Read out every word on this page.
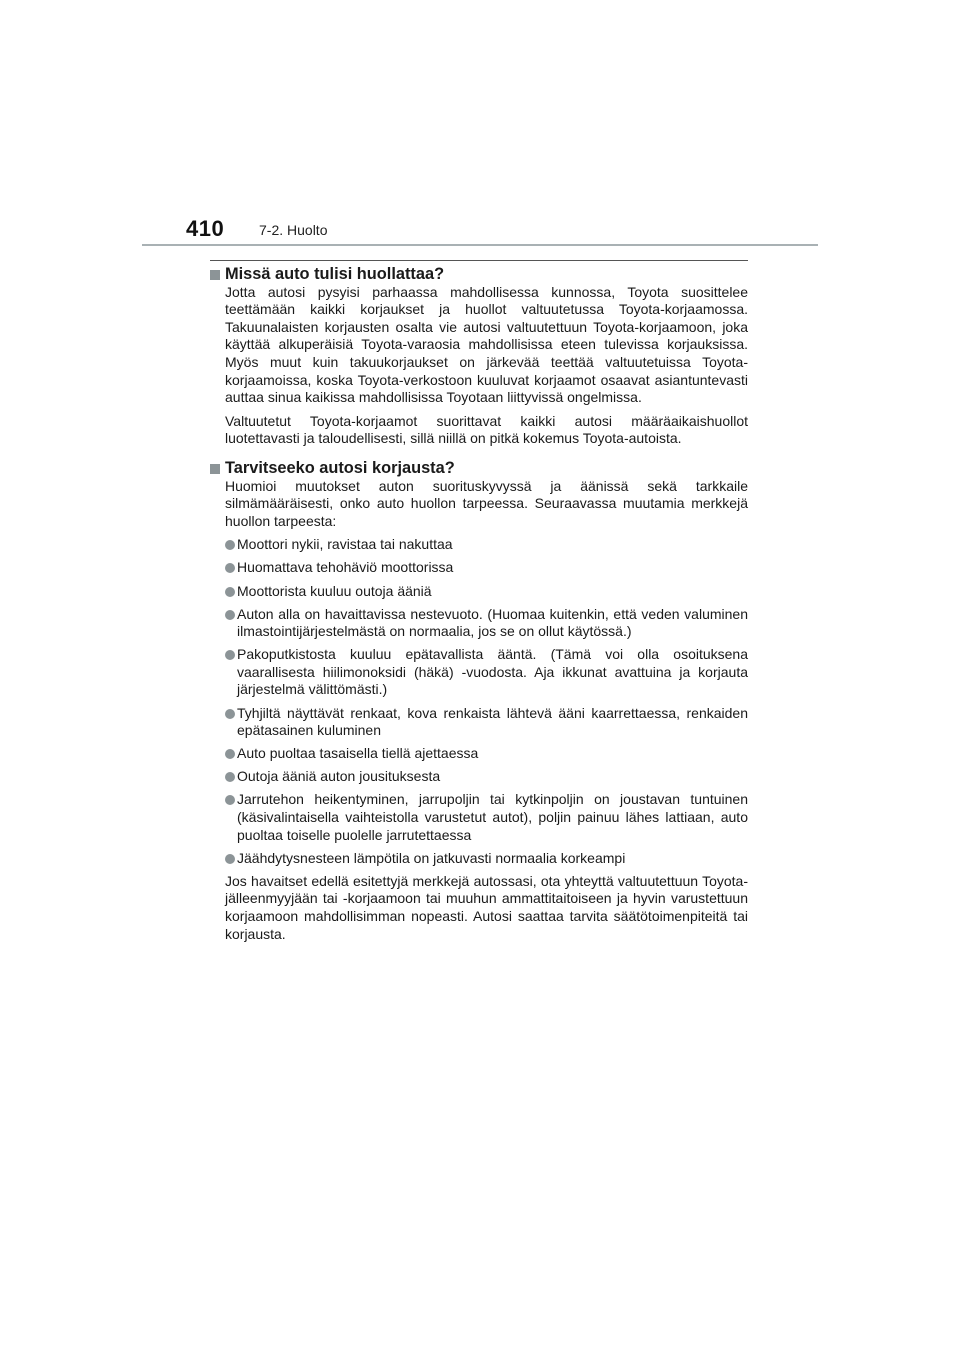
410 7-2. Huolto
Missä auto tulisi huollattaa?

Jotta autosi pysyisi parhaassa mahdollisessa kunnossa, Toyota suosittelee teettämään kaikki korjaukset ja huollot valtuutetussa Toyota-korjaamossa. Takuunalaisten korjausten osalta vie autosi valtuutettuun Toyota-korjaamoon, joka käyttää alkuperäisiä Toyota-varaosia mahdollisissa eteen tulevissa korjauksissa. Myös muut kuin takuukorjaukset on järkevää teettää valtuutetuissa Toyota-korjaamoissa, koska Toyota-verkostoon kuuluvat korjaamot osaavat asiantuntevasti auttaa sinua kaikissa mahdollisissa Toyotaan liittyvissä ongelmissa.

Valtuutetut Toyota-korjaamot suorittavat kaikki autosi määräaikaishuollot luotettavasti ja taloudellisesti, sillä niillä on pitkä kokemus Toyota-autoista.

Tarvitseeko autosi korjausta?

Huomioi muutokset auton suorituskyvyssä ja äänissä sekä tarkkaile silmämääräisesti, onko auto huollon tarpeessa. Seuraavassa muutamia merkkejä huollon tarpeesta:

Moottori nykii, ravistaa tai nakuttaa
Huomattava tehohäviö moottorissa
Moottorista kuuluu outoja ääniä
Auton alla on havaittavissa nestevuoto. (Huomaa kuitenkin, että veden valuminen ilmastointijärjestelmästä on normaalia, jos se on ollut käytössä.)
Pakoputkistosta kuuluu epätavallista ääntä. (Tämä voi olla osoituksena vaarallisesta hiilimonoksidi (häkä) -vuodosta. Aja ikkunat avattuina ja korjauta järjestelmä välittömästi.)
Tyhjiltä näyttävät renkaat, kova renkaista lähtevä ääni kaarrettaessa, renkaiden epätasainen kuluminen
Auto puoltaa tasaisella tiellä ajettaessa
Outoja ääniä auton jousituksesta
Jarrutehon heikentyminen, jarrupoljin tai kytkinpoljin on joustavan tuntuinen (käsivalintaisella vaihteistolla varustetut autot), poljin painuu lähes lattiaan, auto puoltaa toiselle puolelle jarrutettaessa
Jäähdytysnesteen lämpötila on jatkuvasti normaalia korkeampi

Jos havaitset edellä esitettyjä merkkejä autossasi, ota yhteyttä valtuutettuun Toyota-jälleenmyyjään tai -korjaamoon tai muuhun ammattitaitoiseen ja hyvin varustettuun korjaamoon mahdollisimman nopeasti. Autosi saattaa tarvita säätötoimenpiteitä tai korjausta.
